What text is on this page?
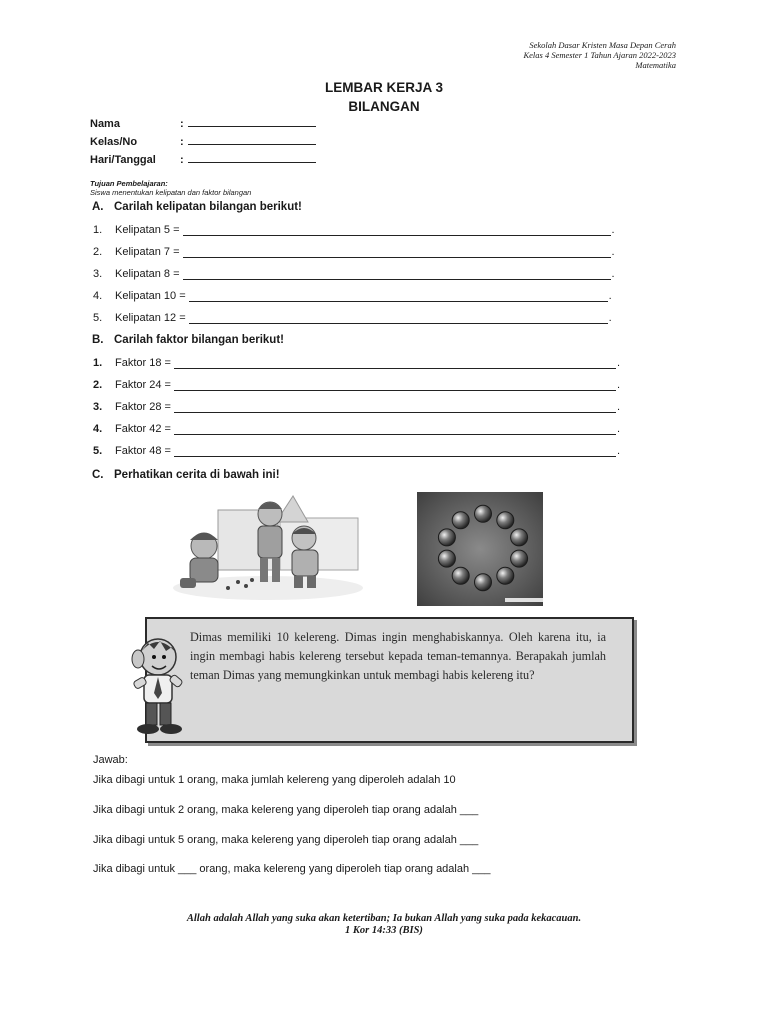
Sekolah Dasar Kristen Masa Depan Cerah
Kelas 4 Semester 1 Tahun Ajaran 2022-2023
Matematika
LEMBAR KERJA 3
BILANGAN
Nama	:
Kelas/No	:
Hari/Tanggal :
Tujuan Pembelajaran:
Siswa menentukan kelipatan dan faktor bilangan
A. Carilah kelipatan bilangan berikut!
1.	Kelipatan 5 =	.
2.	Kelipatan 7 =	.
3.	Kelipatan 8 =	.
4.	Kelipatan 10 =	.
5.	Kelipatan 12 =	.
B. Carilah faktor bilangan berikut!
1.	Faktor 18 =	.
2.	Faktor 24 =	.
3.	Faktor 28 =	.
4.	Faktor 42 =	.
5.	Faktor 48 =	.
C. Perhatikan cerita di bawah ini!
Dimas memiliki 10 kelereng. Dimas ingin menghabiskannya. Oleh karena itu, ia ingin membagi habis kelereng tersebut kepada teman-temannya. Berapakah jumlah teman Dimas yang memungkinkan untuk membagi habis kelereng itu?
Jawab:
Jika dibagi untuk 1 orang, maka jumlah kelereng yang diperoleh adalah 10
Jika dibagi untuk 2 orang, maka kelereng yang diperoleh tiap orang adalah ___
Jika dibagi untuk 5 orang, maka kelereng yang diperoleh tiap orang adalah ___
Jika dibagi untuk ___ orang, maka kelereng yang diperoleh tiap orang adalah ___
Allah adalah Allah yang suka akan ketertiban; Ia bukan Allah yang suka pada kekacauan.
1 Kor 14:33 (BIS)
